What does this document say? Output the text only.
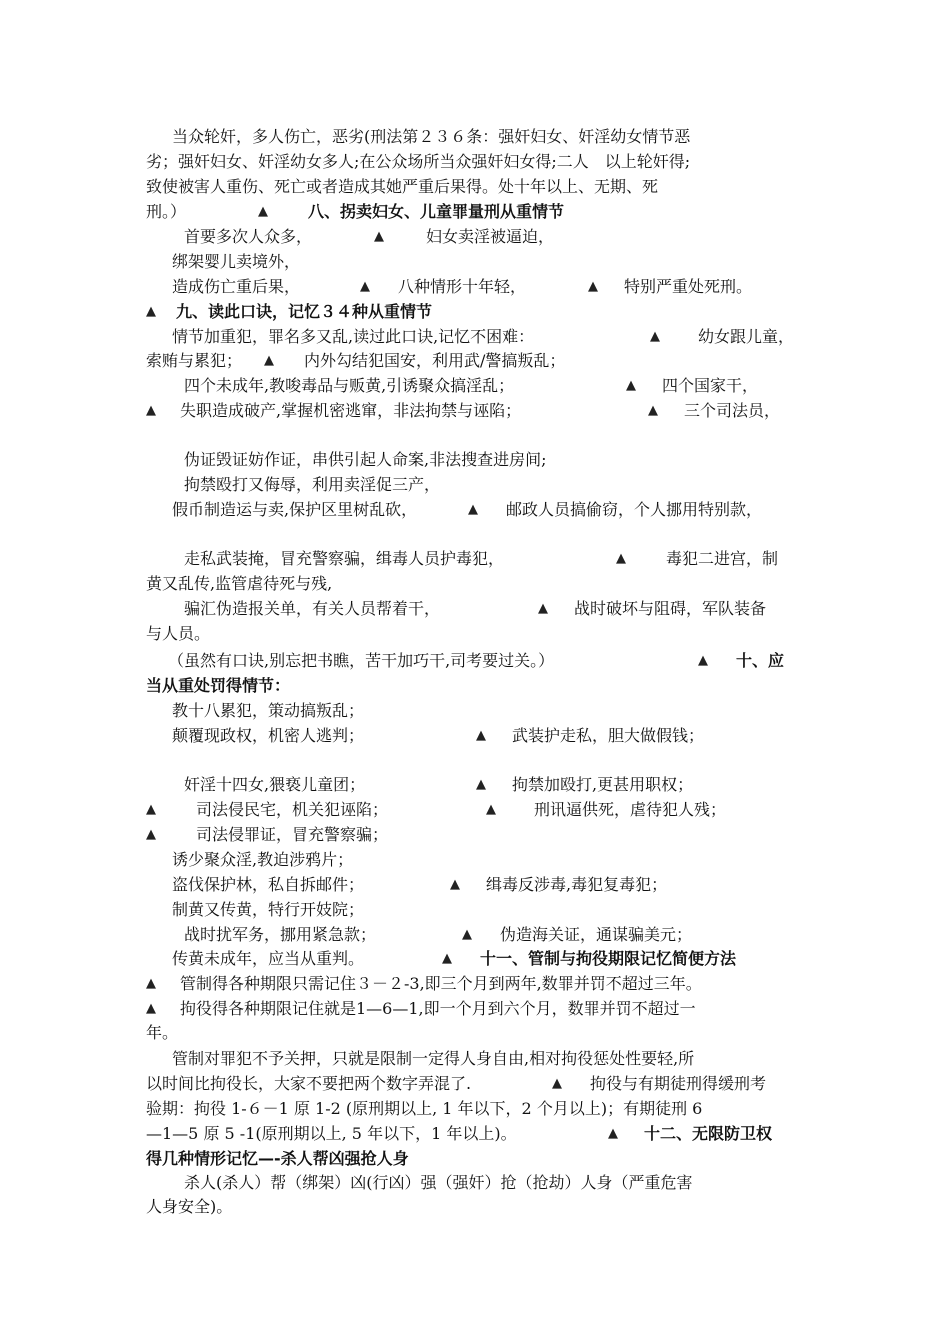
当众轮奸，多人伤亡，恶劣(刑法第２３６条：强奸妇女、奸淫幼女情节恶
劣；强奸妇女、奸淫幼女多人;在公众场所当众强奸妇女得;二人　以上轮奸得;
致使被害人重伤、死亡或者造成其她严重后果得。处十年以上、无期、死
刑。）	▲	八、拐卖妇女、儿童罪量刑从重情节
首要多次人众多，	▲	妇女卖淫被逼迫，
绑架婴儿卖境外，
造成伤亡重后果，	▲ 八种情形十年轻，	▲ 特别严重处死刑。
▲ 九、读此口诀，记忆３４种从重情节
情节加重犯，罪名多又乱,读过此口诀,记忆不困难：	▲ 幼女跟儿童，
索贿与累犯； ▲ 内外勾结犯国安，利用武/警搞叛乱；
四个未成年,教唆毒品与贩黄,引诱聚众搞淫乱；	▲ 四个国家干，
▲ 失职造成破产,掌握机密逃窜，非法拘禁与诬陷；	▲ 三个司法员，
伪证毁证妨作证，串供引起人命案,非法搜查进房间;
拘禁殴打又侮辱，利用卖淫促三产，
假币制造运与卖,保护区里树乱砍，	▲ 邮政人员搞偷窃，个人挪用特别款，
走私武装掩，冒充警察骗，缉毒人员护毒犯，	▲	毒犯二进宫，制
黄又乱传,监管虐待死与残,
骗汇伪造报关单，有关人员帮着干，	▲ 战时破坏与阻碍，军队装备
与人员。
（虽然有口诀,别忘把书瞧，苦干加巧干,司考要过关。）	▲ 十、应
当从重处罚得情节：
教十八累犯，策动搞叛乱；
颠覆现政权，机密人逃判；	▲ 武装护走私，胆大做假钱；
奸淫十四女,猥亵儿童团；	▲ 拘禁加殴打,更甚用职权；
▲	司法侵民宅，机关犯诬陷；	▲ 刑讯逼供死，虐待犯人残；
▲	司法侵罪证，冒充警察骗；
诱少聚众淫,教迫涉鸦片；
盗伐保护林，私自拆邮件；	▲ 缉毒反涉毒,毒犯复毒犯；
制黄又传黄，特行开妓院；
战时扰军务，挪用紧急款；	▲ 伪造海关证，通谋骗美元；
传黄未成年，应当从重判。	▲ 十一、管制与拘役期限记忆简便方法
▲ 管制得各种期限只需记住３－２-3,即三个月到两年,数罪并罚不超过三年。
▲ 拘役得各种期限记住就是1—6—1,即一个月到六个月，数罪并罚不超过一
年。
管制对罪犯不予关押，只就是限制一定得人身自由,相对拘役惩处性要轻,所
以时间比拘役长，大家不要把两个数字弄混了.	▲ 拘役与有期徒刑得缓刑考
验期：拘役 1-６－1 原 1-2 (原刑期以上, 1 年以下，2 个月以上)；有期徒刑 6
—1—5 原 5 -1(原刑期以上, 5 年以下，1 年以上)。	▲ 十二、无限防卫权
得几种情形记忆—-杀人帮凶强抢人身
杀人(杀人）帮（绑架）凶(行凶）强（强奸）抢（抢劫）人身（严重危害
人身安全)。
